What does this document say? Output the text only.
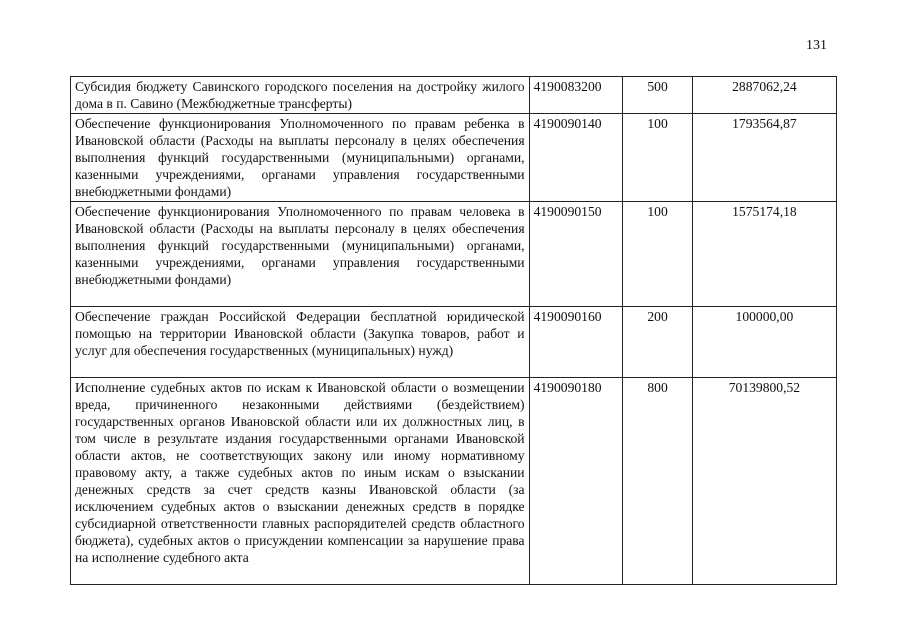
131
Субсидия бюджету Савинского городского поселения на достройку жилого дома в п. Савино (Межбюджетные трансферты)	4190083200	500	2887062,24
Обеспечение функционирования Уполномоченного по правам ребенка в Ивановской области (Расходы на выплаты персоналу в целях обеспечения выполнения функций государственными (муниципальными) органами, казенными учреждениями, органами управления государственными внебюджетными фондами)	4190090140	100	1793564,87
Обеспечение функционирования Уполномоченного по правам человека в Ивановской области (Расходы на выплаты персоналу в целях обеспечения выполнения функций государственными (муниципальными) органами, казенными учреждениями, органами управления государственными внебюджетными фондами)	4190090150	100	1575174,18
Обеспечение граждан Российской Федерации бесплатной юридической помощью на территории Ивановской области (Закупка товаров, работ и услуг для обеспечения государственных (муниципальных) нужд)	4190090160	200	100000,00

Исполнение судебных актов по искам к Ивановской области о возмещении вреда, причиненного незаконными действиями (бездействием) государственных органов Ивановской области или их должностных лиц, в том числе в результате издания государственными органами Ивановской области актов, не соответствующих закону или иному нормативному правовому акту, а также судебных актов по иным искам о взыскании денежных средств за счет средств казны Ивановской области (за исключением судебных актов о взыскании денежных средств в порядке субсидиарной ответственности главных распорядителей средств областного бюджета), судебных актов о присуждении компенсации за нарушение права на исполнение судебного акта	4190090180	800	70139800,52
